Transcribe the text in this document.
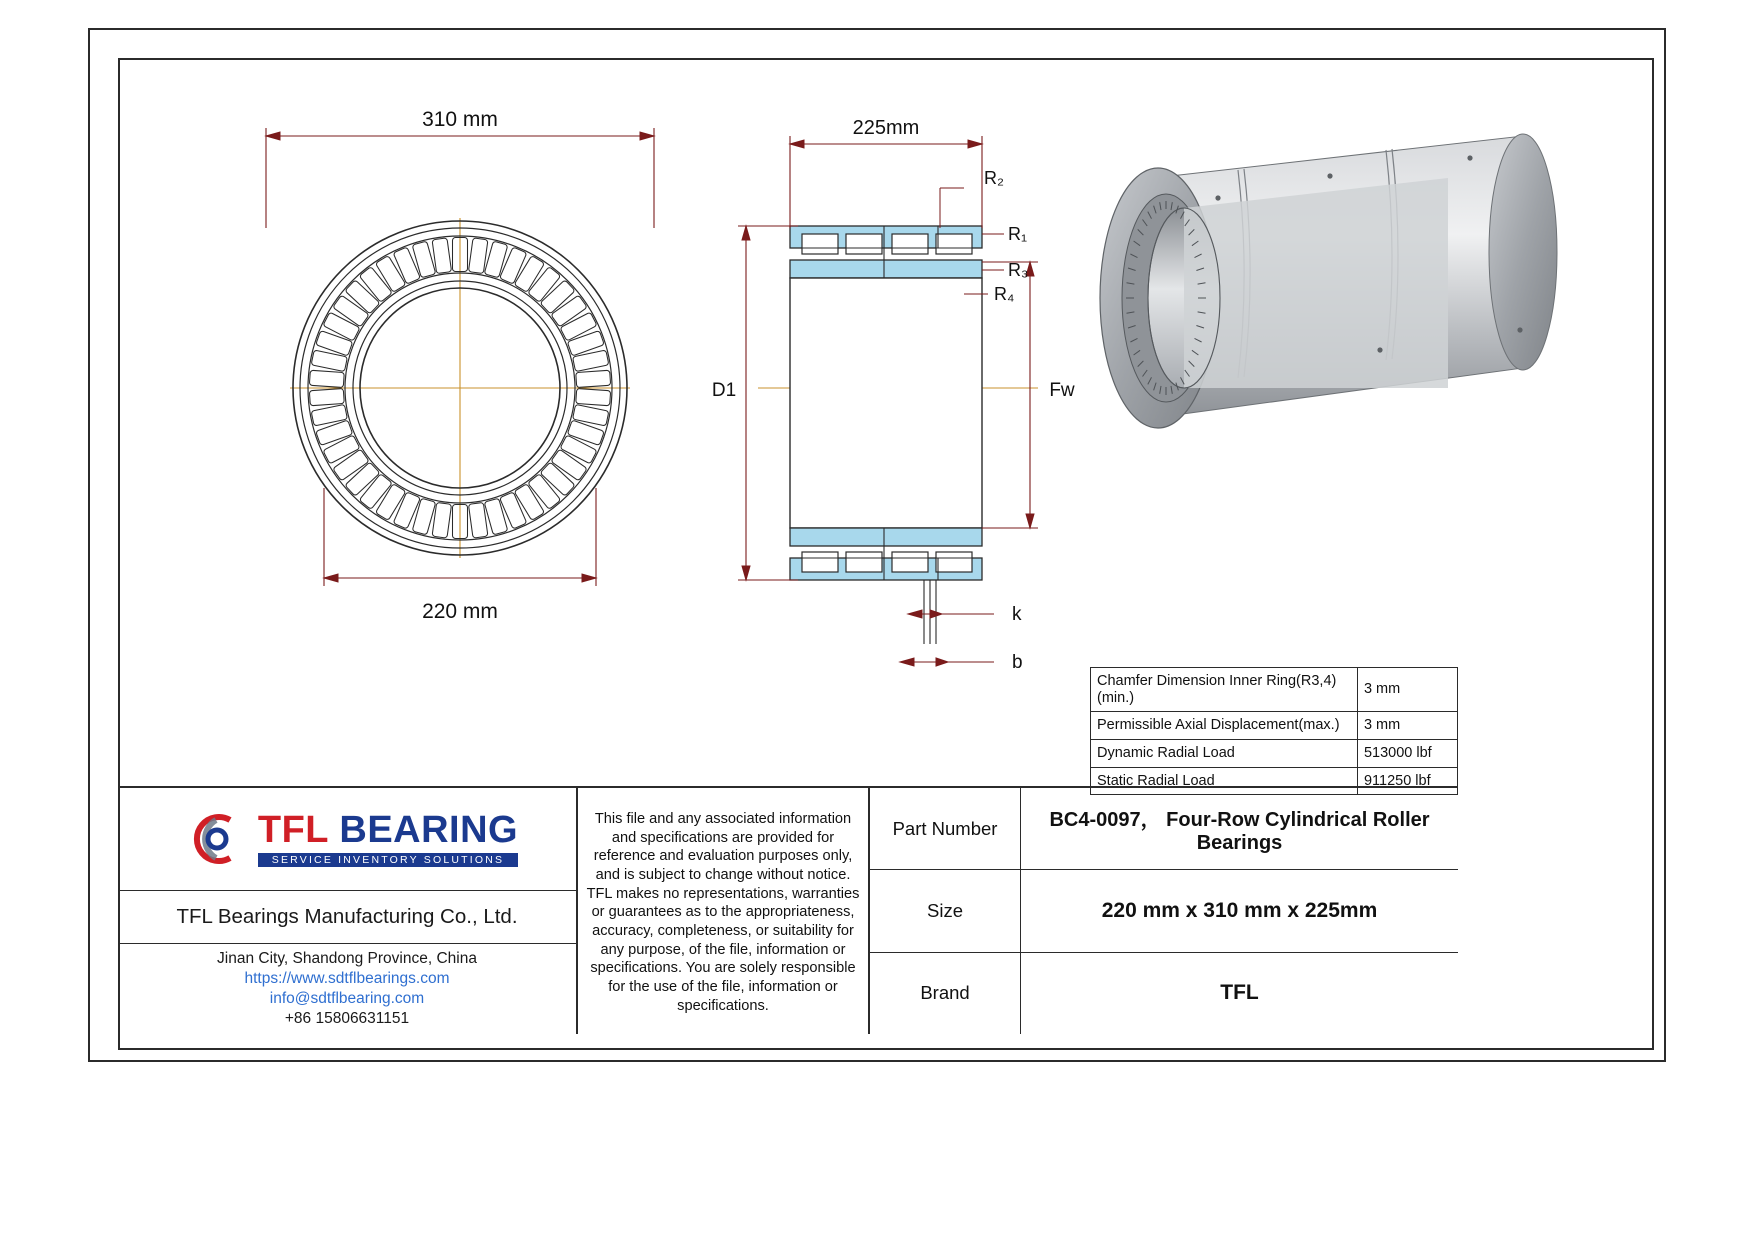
310 mm
220 mm
225mm
D1	Fw
R₂
R₁
R₃
R₄
k
b
Chamfer Dimension Inner Ring(R3,4)(min.)	3 mm
Permissible Axial Displacement(max.)	3 mm
Dynamic Radial Load	513000 lbf
Static Radial Load	911250 lbf
TFL BEARING
SERVICE INVENTORY SOLUTIONS
TFL Bearings Manufacturing Co., Ltd.
Jinan City, Shandong Province, China
https://www.sdtflbearings.com
info@sdtflbearing.com
+86 15806631151
This file and any associated information and specifications are provided for reference and evaluation purposes only, and is subject to change without notice. TFL makes no representations, warranties or guarantees as to the appropriateness, accuracy, completeness, or suitability for any purpose, of the file, information or specifications. You are solely responsible for the use of the file, information or specifications.
Part Number	BC4-0097， Four-Row Cylindrical Roller Bearings
Size	220 mm x 310 mm x 225mm
Brand	TFL
